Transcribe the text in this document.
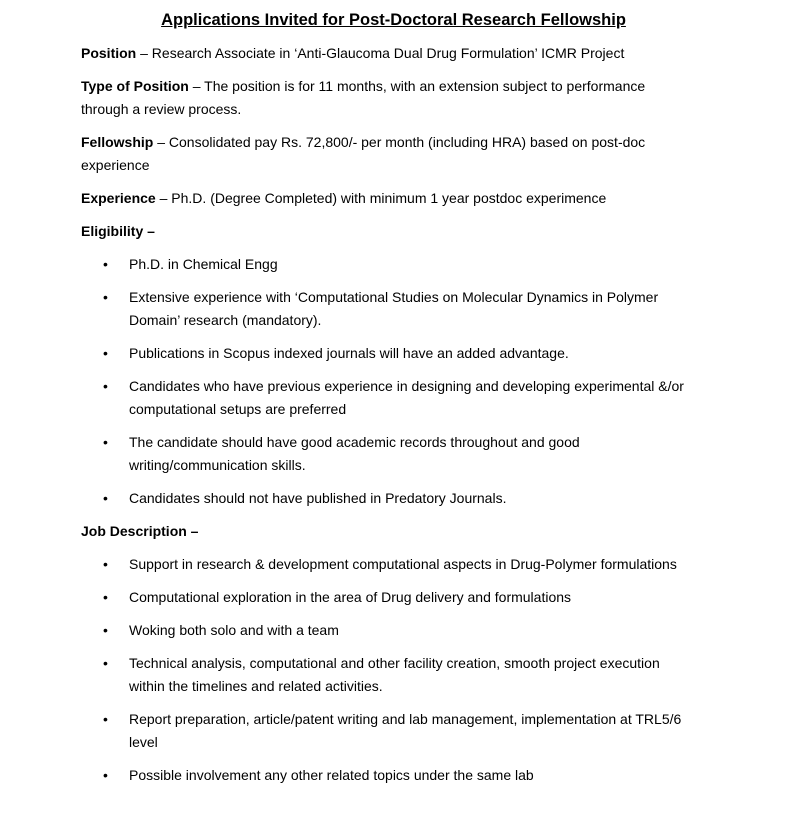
Applications Invited for Post-Doctoral Research Fellowship
Position – Research Associate in ‘Anti-Glaucoma Dual Drug Formulation’ ICMR Project
Type of Position – The position is for 11 months, with an extension subject to performance through a review process.
Fellowship – Consolidated pay Rs. 72,800/- per month (including HRA) based on post-doc experience
Experience – Ph.D. (Degree Completed) with minimum 1 year postdoc experimence
Eligibility –
• Ph.D. in Chemical Engg
• Extensive experience with ‘Computational Studies on Molecular Dynamics in Polymer Domain’ research (mandatory).
• Publications in Scopus indexed journals will have an added advantage.
• Candidates who have previous experience in designing and developing experimental &/or computational setups are preferred
• The candidate should have good academic records throughout and good writing/communication skills.
• Candidates should not have published in Predatory Journals.
Job Description –
• Support in research & development computational aspects in Drug-Polymer formulations
• Computational exploration in the area of Drug delivery and formulations
• Woking both solo and with a team
• Technical analysis, computational and other facility creation, smooth project execution within the timelines and related activities.
• Report preparation, article/patent writing and lab management, implementation at TRL5/6 level
• Possible involvement any other related topics under the same lab
